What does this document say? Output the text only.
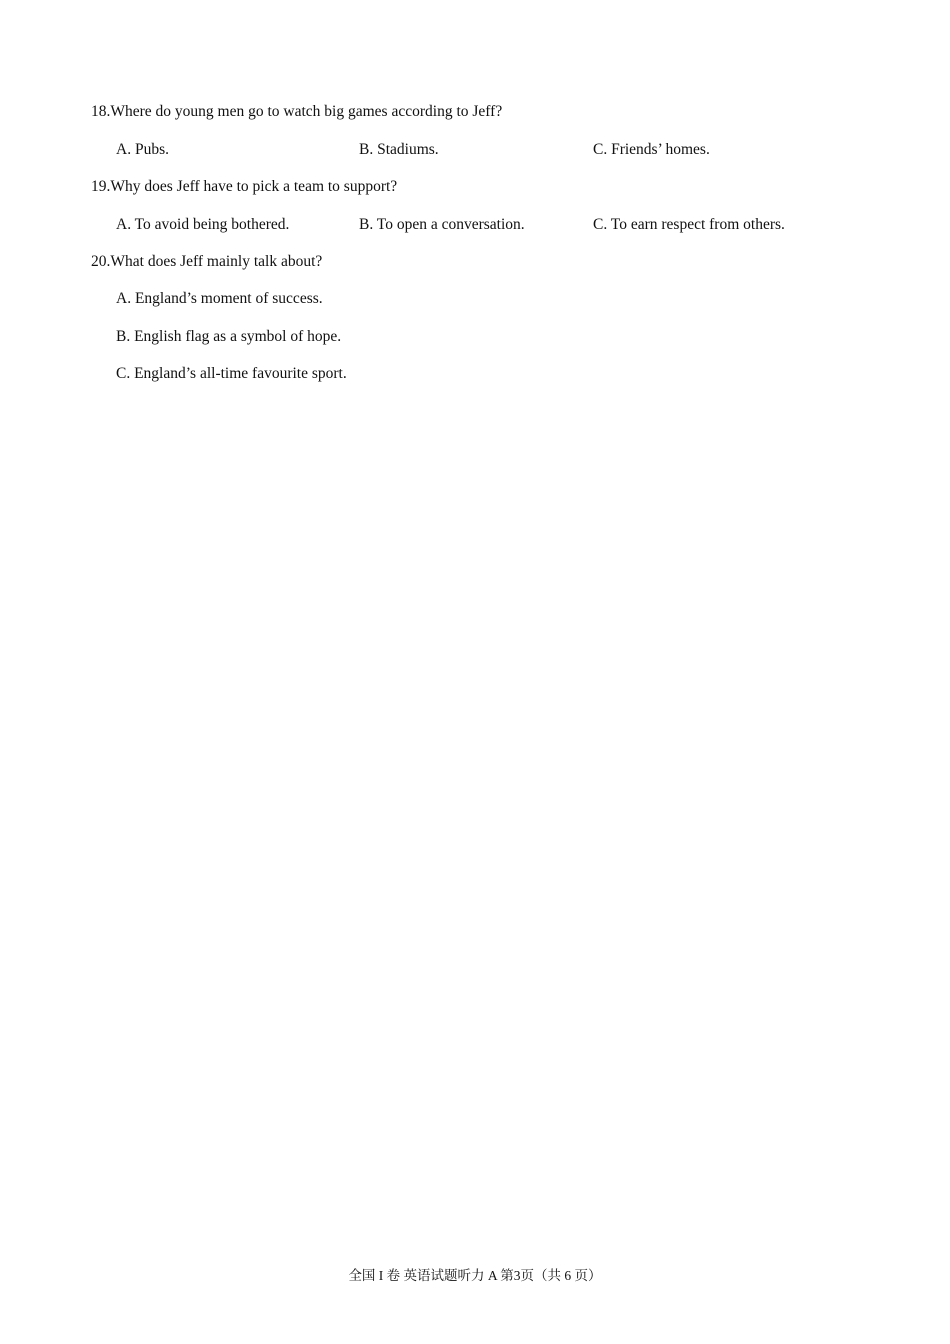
18.Where do young men go to watch big games according to Jeff?
A. Pubs.	B. Stadiums.	C. Friends’ homes.
19.Why does Jeff have to pick a team to support?
A. To avoid being bothered.	B. To open a conversation.	C. To earn respect from others.
20.What does Jeff mainly talk about?
A. England’s moment of success.
B. English flag as a symbol of hope.
C. England’s all-time favourite sport.
全国 I 卷 英语试题听力 A 第3页（共 6 页）
